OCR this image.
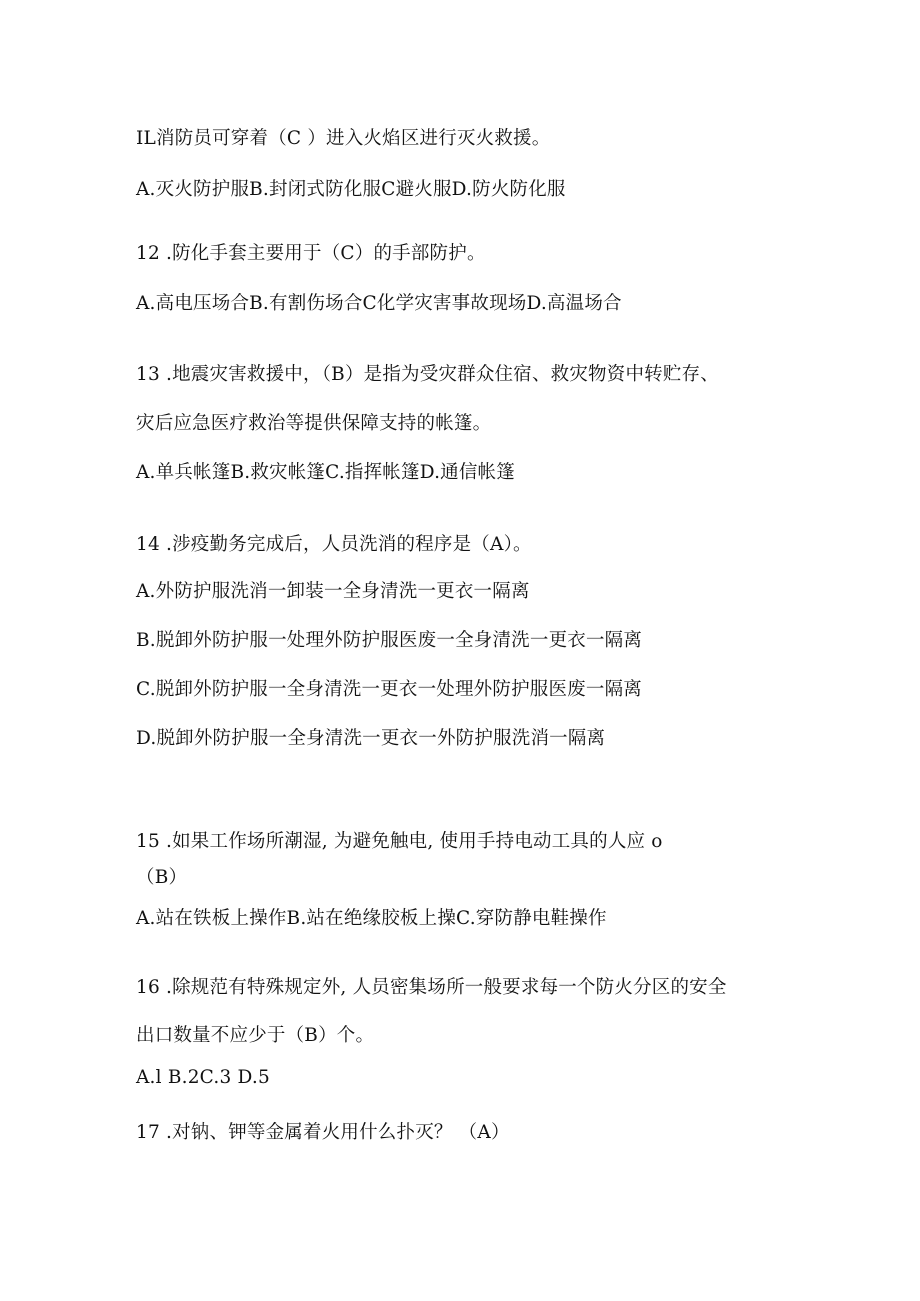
IL消防员可穿着（C ）进入火焰区进行灭火救援。
A.灭火防护服B.封闭式防化服C避火服D.防火防化服
12 .防化手套主要用于（C）的手部防护。
A.高电压场合B.有割伤场合C化学灾害事故现场D.高温场合
13 .地震灾害救援中，（B）是指为受灾群众住宿、救灾物资中转贮存、
灾后应急医疗救治等提供保障支持的帐篷。
A.单兵帐篷B.救灾帐篷C.指挥帐篷D.通信帐篷
14 .涉疫勤务完成后，人员洗消的程序是（A）。
A.外防护服洗消一卸装一全身清洗一更衣一隔离
B.脱卸外防护服一处理外防护服医废一全身清洗一更衣一隔离
C.脱卸外防护服一全身清洗一更衣一处理外防护服医废一隔离
D.脱卸外防护服一全身清洗一更衣一外防护服洗消一隔离
15 .如果工作场所潮湿, 为避免触电, 使用手持电动工具的人应 o
（B）
A.站在铁板上操作B.站在绝缘胶板上操C.穿防静电鞋操作
16 .除规范有特殊规定外, 人员密集场所一般要求每一个防火分区的安全
出口数量不应少于（B）个。
A.l B.2C.3 D.5
17 .对钠、钾等金属着火用什么扑灭？ （A）
